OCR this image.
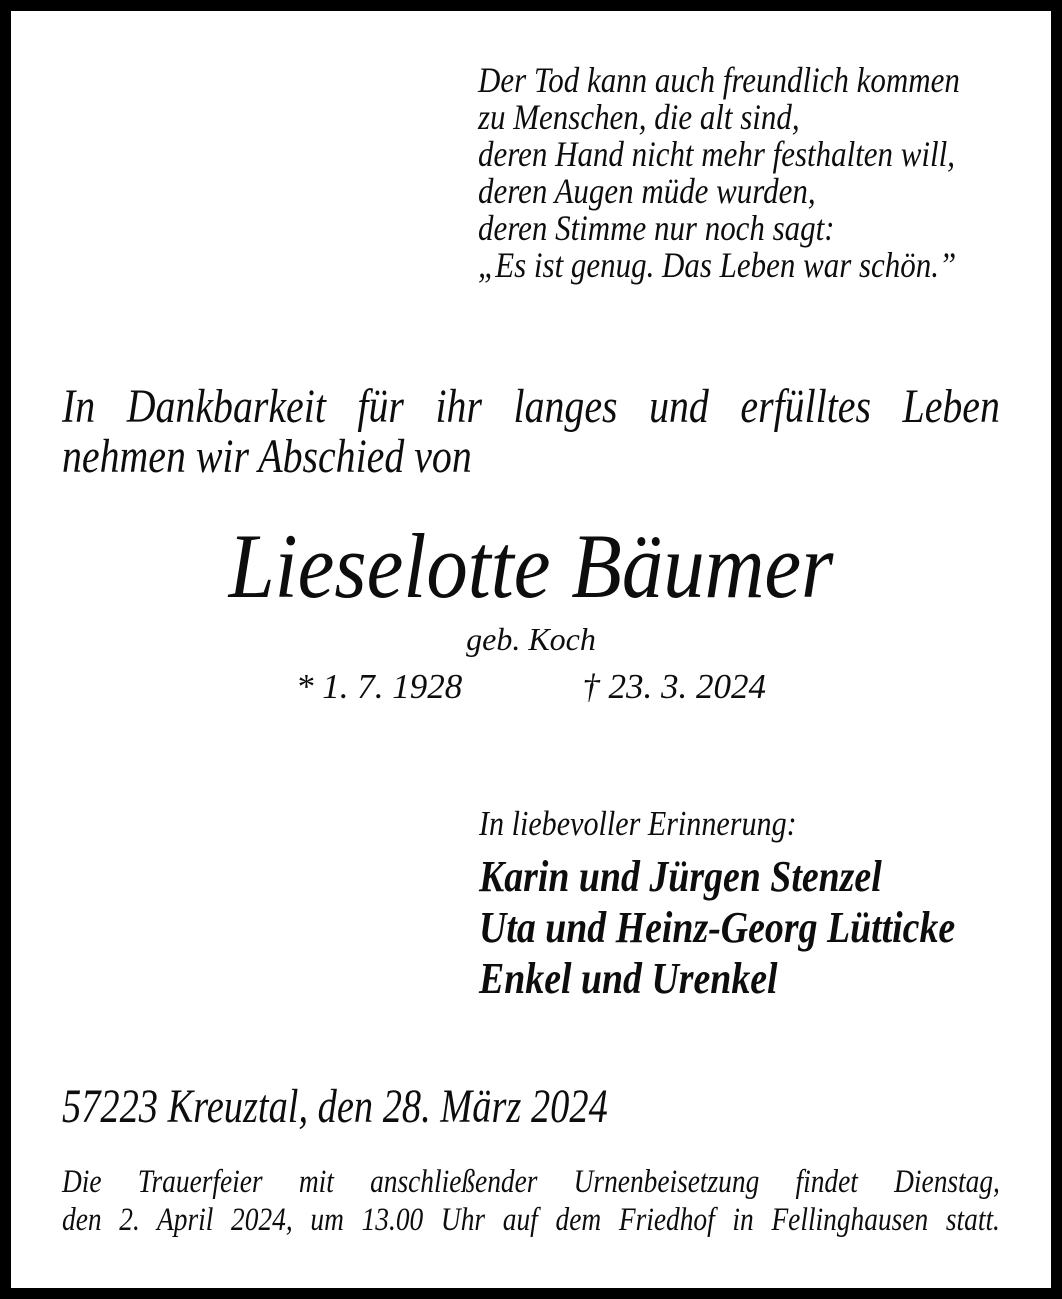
Der Tod kann auch freundlich kommen
zu Menschen, die alt sind,
deren Hand nicht mehr festhalten will,
deren Augen müde wurden,
deren Stimme nur noch sagt:
„Es ist genug. Das Leben war schön.”
In Dankbarkeit für ihr langes und erfülltes Leben
nehmen wir Abschied von
Lieselotte Bäumer
geb. Koch
* 1. 7. 1928	† 23. 3. 2024
In liebevoller Erinnerung:
Karin und Jürgen Stenzel
Uta und Heinz-Georg Lütticke
Enkel und Urenkel
57223 Kreuztal, den 28. März 2024
Die Trauerfeier mit anschließender Urnenbeisetzung findet Dienstag,
den 2. April 2024, um 13.00 Uhr auf dem Friedhof in Fellinghausen statt.
